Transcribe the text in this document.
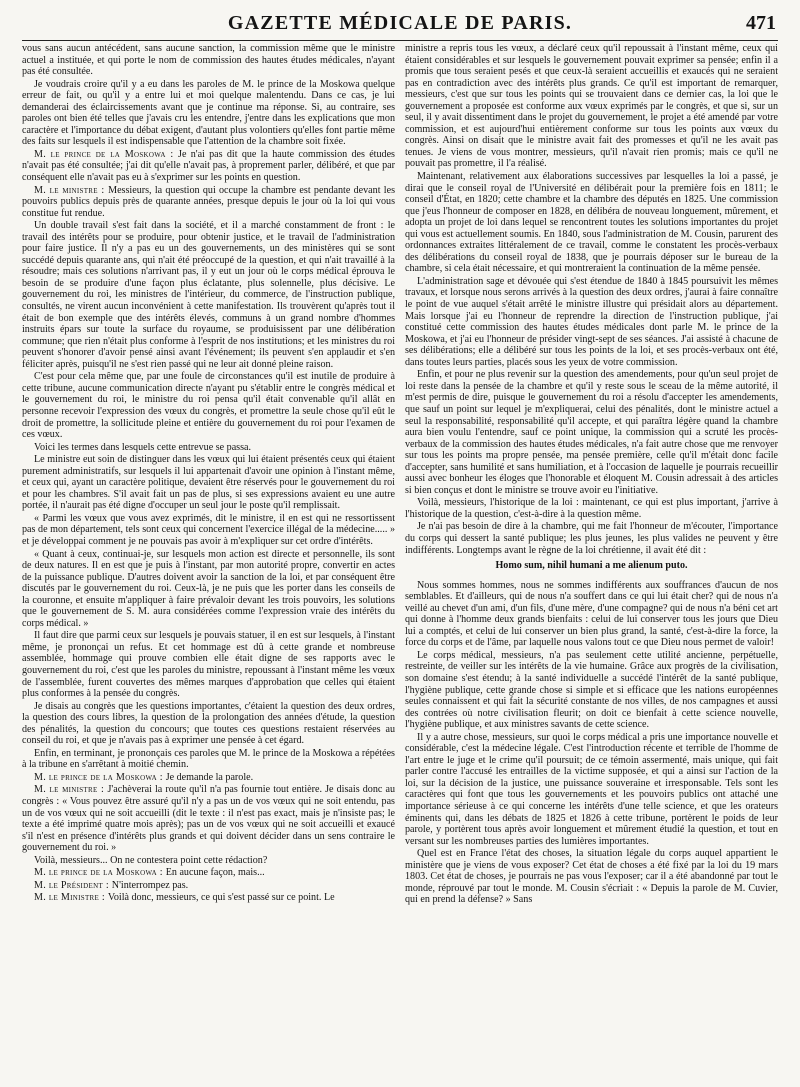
GAZETTE MÉDICALE DE PARIS.	471

vous sans aucun antécédent, sans aucune sanction, la commission même que le ministre actuel a instituée, et qui porte le nom de commission des hautes études médicales, n'ayant pas été consultée.

Je voudrais croire qu'il y a eu dans les paroles de M. le prince de la Moskowa quelque erreur de fait, ou qu'il y a entre lui et moi quelque malentendu. Dans ce cas, je lui demanderai des éclaircissements avant que je continue ma réponse. Si, au contraire, ses paroles ont bien été telles que j'avais cru les entendre, j'entre dans les explications que mon caractère et l'importance du débat exigent, d'autant plus volontiers qu'elles font partie même des faits sur lesquels il est indispensable que l'attention de la chambre soit fixée.

M. le prince de la Moskowa : Je n'ai pas dit que la haute commission des études n'avait pas été consultée; j'ai dit qu'elle n'avait pas, à proprement parler, délibéré, et que par conséquent elle n'avait pas eu à s'exprimer sur les points en question.

M. le ministre : Messieurs, la question qui occupe la chambre est pendante devant les pouvoirs publics depuis près de quarante années, presque depuis le jour où la loi qui vous constitue fut rendue.

Un double travail s'est fait dans la société, et il a marché constamment de front : le travail des intérêts pour se produire, pour obtenir justice, et le travail de l'administration pour faire justice. Il n'y a pas eu un des gouvernements, un des ministères qui se sont succédé depuis quarante ans, qui n'ait été préoccupé de la question, et qui n'ait travaillé à la résoudre; mais ces solutions n'arrivant pas, il y eut un jour où le corps médical éprouva le besoin de se produire d'une façon plus éclatante, plus solennelle, plus décisive. Le gouvernement du roi, les ministres de l'intérieur, du commerce, de l'instruction publique, consultés, ne virent aucun inconvénient à cette manifestation. Ils trouvèrent qu'après tout il était de bon exemple que des intérêts élevés, communs à un grand nombre d'hommes instruits épars sur toute la surface du royaume, se produisissent par une délibération commune; que rien n'était plus conforme à l'esprit de nos institutions; et les ministres du roi peuvent s'honorer d'avoir pensé ainsi avant l'événement; ils peuvent s'en applaudir et s'en féliciter après, puisqu'il ne s'est rien passé qui ne leur ait donné pleine raison.

C'est pour cela même que, par une foule de circonstances qu'il est inutile de produire à cette tribune, aucune communication directe n'ayant pu s'établir entre le congrès médical et le gouvernement du roi, le ministre du roi pensa qu'il était convenable qu'il allât en personne recevoir l'expression des vœux du congrès, et promettre la seule chose qu'il eût le droit de promettre, la sollicitude pleine et entière du gouvernement du roi pour l'examen de ces vœux.

Voici les termes dans lesquels cette entrevue se passa.

Le ministre eut soin de distinguer dans les vœux qui lui étaient présentés ceux qui étaient purement administratifs, sur lesquels il lui appartenait d'avoir une opinion à l'instant même, et ceux qui, ayant un caractère politique, devaient être réservés pour le gouvernement du roi et pour les chambres. S'il avait fait un pas de plus, si ses expressions avaient eu une autre portée, il n'aurait pas été digne d'occuper un seul jour le poste qu'il remplissait.

« Parmi les vœux que vous avez exprimés, dit le ministre, il en est qui ne ressortissent pas de mon département, tels sont ceux qui concernent l'exercice illégal de la médecine..... » et je développai comment je ne pouvais pas avoir à m'expliquer sur cet ordre d'intérêts.

« Quant à ceux, continuai-je, sur lesquels mon action est directe et personnelle, ils sont de deux natures. Il en est que je puis à l'instant, par mon autorité propre, convertir en actes de la puissance publique. D'autres doivent avoir la sanction de la loi, et par conséquent être discutés par le gouvernement du roi. Ceux-là, je ne puis que les porter dans les conseils de la couronne, et ensuite m'appliquer à faire prévaloir devant les trois pouvoirs, les solutions que le gouvernement de S. M. aura considérées comme l'expression vraie des intérêts du corps médical. »

Il faut dire que parmi ceux sur lesquels je pouvais statuer, il en est sur lesquels, à l'instant même, je prononçai un refus. Et cet hommage est dû à cette grande et nombreuse assemblée, hommage qui prouve combien elle était digne de ses rapports avec le gouvernement du roi, c'est que les paroles du ministre, repoussant à l'instant même les vœux de l'assemblée, furent couvertes des mêmes marques d'approbation que celles qui étaient plus conformes à la pensée du congrès.

Je disais au congrès que les questions importantes, c'étaient la question des deux ordres, la question des cours libres, la question de la prolongation des années d'étude, la question des pénalités, la question du concours; que toutes ces questions restaient réservées au conseil du roi, et que je n'avais pas à exprimer une pensée à cet égard.

Enfin, en terminant, je prononçais ces paroles que M. le prince de la Moskowa a répétées à la tribune en s'arrêtant à moitié chemin.

M. le prince de la Moskowa : Je demande la parole.

M. le ministre : J'achèverai la route qu'il n'a pas fournie tout entière. Je disais donc au congrès : « Vous pouvez être assuré qu'il n'y a pas un de vos vœux qui ne soit entendu, pas un de vos vœux qui ne soit accueilli (dit le texte : il n'est pas exact, mais je n'insiste pas; le texte a été imprimé quatre mois après); pas un de vos vœux qui ne soit accueilli et exaucé s'il n'est en présence d'intérêts plus grands et qui doivent décider dans un sens contraire le gouvernement du roi. »

Voilà, messieurs... On ne contestera point cette rédaction?

M. le prince de la Moskowa : En aucune façon, mais...

M. le Président : N'interrompez pas.

M. le Ministre : Voilà donc, messieurs, ce qui s'est passé sur ce point. Le

ministre a repris tous les vœux, a déclaré ceux qu'il repoussait à l'instant même, ceux qui étaient considérables et sur lesquels le gouvernement pouvait exprimer sa pensée; enfin il a promis que tous seraient pesés et que ceux-là seraient accueillis et exaucés qui ne seraient pas en contradiction avec des intérêts plus grands. Ce qu'il est important de remarquer, messieurs, c'est que sur tous les points qui se trouvaient dans ce dernier cas, la loi que le gouvernement a proposée est conforme aux vœux exprimés par le congrès, et que si, sur un seul, il y avait dissentiment dans le projet du gouvernement, le projet a été amendé par votre commission, et est aujourd'hui entièrement conforme sur tous les points aux vœux du congrès. Ainsi on disait que le ministre avait fait des promesses et qu'il ne les avait pas tenues. Je viens de vous montrer, messieurs, qu'il n'avait rien promis; mais ce qu'il ne pouvait pas promettre, il l'a réalisé.

Maintenant, relativement aux élaborations successives par lesquelles la loi a passé, je dirai que le conseil royal de l'Université en délibérait pour la première fois en 1811; le conseil d'État, en 1820; cette chambre et la chambre des députés en 1825. Une commission que j'eus l'honneur de composer en 1828, en délibéra de nouveau longuement, mûrement, et adopta un projet de loi dans lequel se rencontrent toutes les solutions importantes du projet qui vous est actuellement soumis. En 1840, sous l'administration de M. Cousin, parurent des ordonnances extraites littéralement de ce travail, comme le constatent les procès-verbaux des délibérations du conseil royal de 1838, que je pourrais déposer sur le bureau de la chambre, si cela était nécessaire, et qui montreraient la continuation de la même pensée.

L'administration sage et dévouée qui s'est étendue de 1840 à 1845 poursuivit les mêmes travaux, et lorsque nous serons arrivés à la question des deux ordres, j'aurai à faire connaître le point de vue auquel s'était arrêté le ministre illustre qui présidait alors au département. Mais lorsque j'ai eu l'honneur de reprendre la direction de l'instruction publique, j'ai constitué cette commission des hautes études médicales dont parle M. le prince de la Moskowa, et j'ai eu l'honneur de présider vingt-sept de ses séances. J'ai assisté à chacune de ses délibérations; elle a délibéré sur tous les points de la loi, et ses procès-verbaux ont été, dans toutes leurs parties, placés sous les yeux de votre commission.

Enfin, et pour ne plus revenir sur la question des amendements, pour qu'un seul projet de loi reste dans la pensée de la chambre et qu'il y reste sous le sceau de la même autorité, il m'est permis de dire, puisque le gouvernement du roi a résolu d'accepter les amendements, que sauf un point sur lequel je m'expliquerai, celui des pénalités, dont le ministre actuel a seul la responsabilité, responsabilité qu'il accepte, et qui paraîtra légère quand la chambre aura bien voulu l'entendre, sauf ce point unique, la commission qui a scruté les procès-verbaux de la commission des hautes études médicales, n'a fait autre chose que me renvoyer sur tous les points ma propre pensée, ma pensée première, celle qu'il m'était donc facile d'accepter, sans humilité et sans humiliation, et à l'occasion de laquelle je pourrais recueillir aussi avec bonheur les éloges que l'honorable et éloquent M. Cousin adressait à des articles si bien conçus et dont le ministre se trouve avoir eu l'initiative.

Voilà, messieurs, l'historique de la loi : maintenant, ce qui est plus important, j'arrive à l'historique de la question, c'est-à-dire à la question même.

Je n'ai pas besoin de dire à la chambre, qui me fait l'honneur de m'écouter, l'importance du corps qui dessert la santé publique; les plus jeunes, les plus valides ne peuvent y être indifférents. Longtemps avant le règne de la loi chrétienne, il avait été dit :

Homo sum, nihil humani a me alienum puto.

Nous sommes hommes, nous ne sommes indifférents aux souffrances d'aucun de nos semblables. Et d'ailleurs, qui de nous n'a souffert dans ce qui lui était cher? qui de nous n'a veillé au chevet d'un ami, d'un fils, d'une mère, d'une compagne? qui de nous n'a béni cet art qui donne à l'homme deux grands bienfaits : celui de lui conserver tous les jours que Dieu lui a comptés, et celui de lui conserver un bien plus grand, la santé, c'est-à-dire la force, la force du corps et de l'âme, par laquelle nous valons tout ce que Dieu nous permet de valoir!

Le corps médical, messieurs, n'a pas seulement cette utilité ancienne, perpétuelle, restreinte, de veiller sur les intérêts de la vie humaine. Grâce aux progrès de la civilisation, son domaine s'est étendu; à la santé individuelle a succédé l'intérêt de la santé publique, l'hygiène publique, cette grande chose si simple et si efficace que les nations européennes seules connaissent et qui fait la sécurité constante de nos villes, de nos campagnes et aussi des contrées où notre civilisation fleurit; on doit ce bienfait à cette science nouvelle, l'hygiène publique, et aux ministres savants de cette science.

Il y a autre chose, messieurs, sur quoi le corps médical a pris une importance nouvelle et considérable, c'est la médecine légale. C'est l'introduction récente et terrible de l'homme de l'art entre le juge et le crime qu'il poursuit; de ce témoin assermenté, mais unique, qui fait parler contre l'accusé les entrailles de la victime supposée, et qui a ainsi sur l'action de la loi, sur la décision de la justice, une puissance souveraine et irresponsable. Tels sont les caractères qui font que tous les gouvernements et les pouvoirs publics ont attaché une importance sérieuse à ce qui concerne les intérêts d'une telle science, et que les orateurs éminents qui, dans les débats de 1825 et 1826 à cette tribune, portèrent le poids de leur parole, y portèrent tous après avoir longuement et mûrement étudié la question, et tout en versant sur les nombreuses parties des lumières importantes.

Quel est en France l'état des choses, la situation légale du corps auquel appartient le ministère que je viens de vous exposer? Cet état de choses a été fixé par la loi du 19 mars 1803. Cet état de choses, je pourrais ne pas vous l'exposer; car il a été abandonné par tout le monde, réprouvé par tout le monde. M. Cousin s'écriait : « Depuis la parole de M. Cuvier, qui en prend la défense? » Sans
